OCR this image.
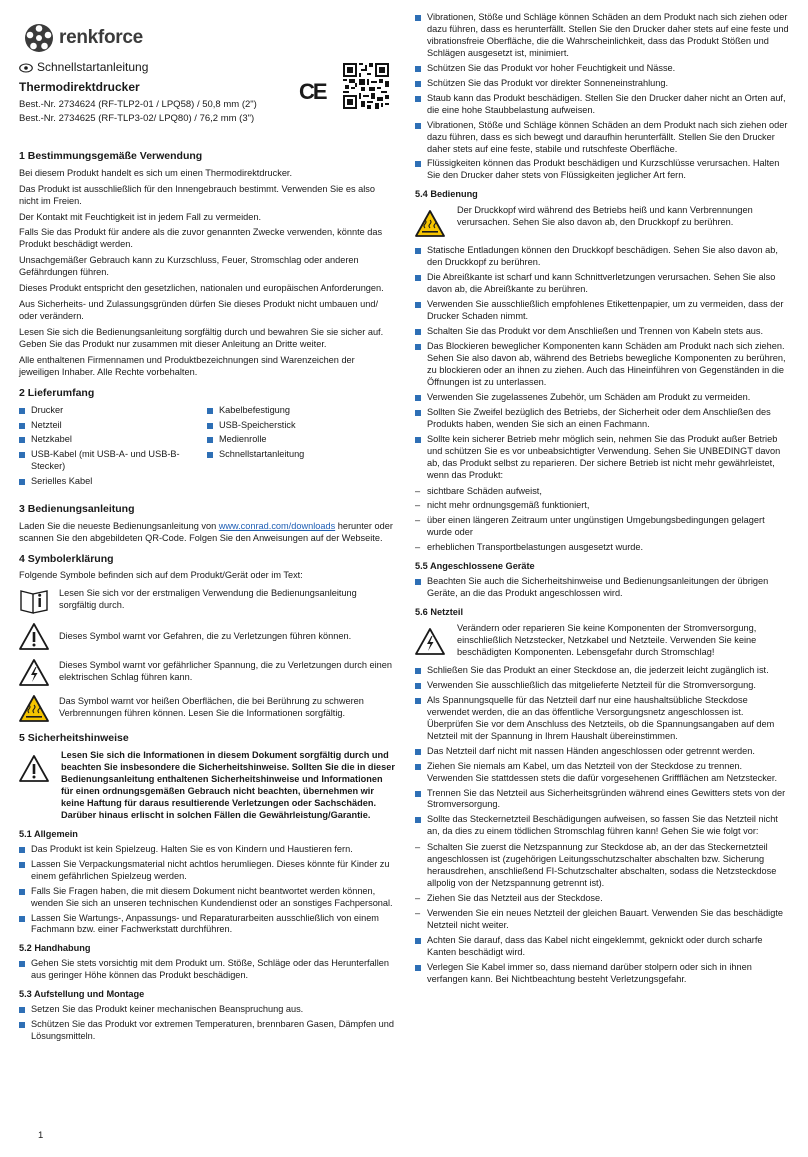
renkforce
Schnellstartanleitung
Thermodirektdrucker
Best.-Nr. 2734624 (RF-TLP2-01 / LPQ58) / 50,8 mm (2")
Best.-Nr. 2734625 (RF-TLP3-02/ LPQ80) / 76,2 mm (3")
CE
1 Bestimmungsgemäße Verwendung

Bei diesem Produkt handelt es sich um einen Thermodirektdrucker.

Das Produkt ist ausschließlich für den Innengebrauch bestimmt. Verwenden Sie es also nicht im Freien.

Der Kontakt mit Feuchtigkeit ist in jedem Fall zu vermeiden.

Falls Sie das Produkt für andere als die zuvor genannten Zwecke verwenden, könnte das Produkt beschädigt werden.

Unsachgemäßer Gebrauch kann zu Kurzschluss, Feuer, Stromschlag oder anderen Gefährdungen führen.

Dieses Produkt entspricht den gesetzlichen, nationalen und europäischen Anforderungen.

Aus Sicherheits- und Zulassungsgründen dürfen Sie dieses Produkt nicht umbauen und/ oder verändern.

Lesen Sie sich die Bedienungsanleitung sorgfältig durch und bewahren Sie sie sicher auf. Geben Sie das Produkt nur zusammen mit dieser Anleitung an Dritte weiter.

Alle enthaltenen Firmennamen und Produktbezeichnungen sind Warenzeichen der jeweiligen Inhaber. Alle Rechte vorbehalten.

2 Lieferumfang
Drucker
Netzteil
Netzkabel
USB-Kabel (mit USB-A- und USB-B-Stecker)
Serielles Kabel
Kabelbefestigung
USB-Speicherstick
Medienrolle
Schnellstartanleitung
3 Bedienungsanleitung

Laden Sie die neueste Bedienungsanleitung von www.conrad.com/downloads herunter oder scannen Sie den abgebildeten QR-Code. Folgen Sie den Anweisungen auf der Webseite.

4 Symbolerklärung

Folgende Symbole befinden sich auf dem Produkt/Gerät oder im Text:

Lesen Sie sich vor der erstmaligen Verwendung die Bedienungsanleitung sorgfältig durch.
Dieses Symbol warnt vor Gefahren, die zu Verletzungen führen können.
Dieses Symbol warnt vor gefährlicher Spannung, die zu Verletzungen durch einen elektrischen Schlag führen kann.
Das Symbol warnt vor heißen Oberflächen, die bei Berührung zu schweren Verbrennungen führen können. Lesen Sie die Informationen sorgfältig.
5 Sicherheitshinweise
Lesen Sie sich die Informationen in diesem Dokument sorgfältig durch und beachten Sie insbesondere die Sicherheitshinweise. Sollten Sie die in dieser Bedienungsanleitung enthaltenen Sicherheitshinweise und Informationen für einen ordnungsgemäßen Gebrauch nicht beachten, übernehmen wir keine Haftung für daraus resultierende Verletzungen oder Sachschäden. Darüber hinaus erlischt in solchen Fällen die Gewährleistung/Garantie.
5.1 Allgemein
Das Produkt ist kein Spielzeug. Halten Sie es von Kindern und Haustieren fern.
Lassen Sie Verpackungsmaterial nicht achtlos herumliegen. Dieses könnte für Kinder zu einem gefährlichen Spielzeug werden.
Falls Sie Fragen haben, die mit diesem Dokument nicht beantwortet werden können, wenden Sie sich an unseren technischen Kundendienst oder an sonstiges Fachpersonal.
Lassen Sie Wartungs-, Anpassungs- und Reparaturarbeiten ausschließlich von einem Fachmann bzw. einer Fachwerkstatt durchführen.
5.2 Handhabung
Gehen Sie stets vorsichtig mit dem Produkt um. Stöße, Schläge oder das Herunterfallen aus geringer Höhe können das Produkt beschädigen.
5.3 Aufstellung und Montage
Setzen Sie das Produkt keiner mechanischen Beanspruchung aus.
Schützen Sie das Produkt vor extremen Temperaturen, brennbaren Gasen, Dämpfen und Lösungsmitteln.
1
Vibrationen, Stöße und Schläge können Schäden an dem Produkt nach sich ziehen oder dazu führen, dass es herunterfällt. Stellen Sie den Drucker daher stets auf eine feste und vibrationsfreie Oberfläche, die die Wahrscheinlichkeit, dass das Produkt Stößen und Schlägen ausgesetzt ist, minimiert.
Schützen Sie das Produkt vor hoher Feuchtigkeit und Nässe.
Schützen Sie das Produkt vor direkter Sonneneinstrahlung.
Staub kann das Produkt beschädigen. Stellen Sie den Drucker daher nicht an Orten auf, die eine hohe Staubbelastung aufweisen.
Vibrationen, Stöße und Schläge können Schäden an dem Produkt nach sich ziehen oder dazu führen, dass es sich bewegt und daraufhin herunterfällt. Stellen Sie den Drucker daher stets auf eine feste, stabile und rutschfeste Oberfläche.
Flüssigkeiten können das Produkt beschädigen und Kurzschlüsse verursachen. Halten Sie den Drucker daher stets von Flüssigkeiten jeglicher Art fern.
5.4 Bedienung
Der Druckkopf wird während des Betriebs heiß und kann Verbrennungen verursachen. Sehen Sie also davon ab, den Druckkopf zu berühren.
Statische Entladungen können den Druckkopf beschädigen. Sehen Sie also davon ab, den Druckkopf zu berühren.
Die Abreißkante ist scharf und kann Schnittverletzungen verursachen. Sehen Sie also davon ab, die Abreißkante zu berühren.
Verwenden Sie ausschließlich empfohlenes Etikettenpapier, um zu vermeiden, dass der Drucker Schaden nimmt.
Schalten Sie das Produkt vor dem Anschließen und Trennen von Kabeln stets aus.
Das Blockieren beweglicher Komponenten kann Schäden am Produkt nach sich ziehen. Sehen Sie also davon ab, während des Betriebs bewegliche Komponenten zu berühren, zu blockieren oder an ihnen zu ziehen. Auch das Hineinführen von Gegenständen in die Öffnungen ist zu unterlassen.
Verwenden Sie zugelassenes Zubehör, um Schäden am Produkt zu vermeiden.
Sollten Sie Zweifel bezüglich des Betriebs, der Sicherheit oder dem Anschließen des Produkts haben, wenden Sie sich an einen Fachmann.
Sollte kein sicherer Betrieb mehr möglich sein, nehmen Sie das Produkt außer Betrieb und schützen Sie es vor unbeabsichtigter Verwendung. Sehen Sie UNBEDINGT davon ab, das Produkt selbst zu reparieren. Der sichere Betrieb ist nicht mehr gewährleistet, wenn das Produkt:
– sichtbare Schäden aufweist,
– nicht mehr ordnungsgemäß funktioniert,
– über einen längeren Zeitraum unter ungünstigen Umgebungsbedingungen gelagert wurde oder
– erheblichen Transportbelastungen ausgesetzt wurde.
5.5 Angeschlossene Geräte
Beachten Sie auch die Sicherheitshinweise und Bedienungsanleitungen der übrigen Geräte, an die das Produkt angeschlossen wird.
5.6 Netzteil
Verändern oder reparieren Sie keine Komponenten der Stromversorgung, einschließlich Netzstecker, Netzkabel und Netzteile. Verwenden Sie keine beschädigten Komponenten. Lebensgefahr durch Stromschlag!
Schließen Sie das Produkt an einer Steckdose an, die jederzeit leicht zugänglich ist.
Verwenden Sie ausschließlich das mitgelieferte Netzteil für die Stromversorgung.
Als Spannungsquelle für das Netzteil darf nur eine haushaltsübliche Steckdose verwendet werden, die an das öffentliche Versorgungsnetz angeschlossen ist. Überprüfen Sie vor dem Anschluss des Netzteils, ob die Spannungsangaben auf dem Netzteil mit der Spannung in Ihrem Haushalt übereinstimmen.
Das Netzteil darf nicht mit nassen Händen angeschlossen oder getrennt werden.
Ziehen Sie niemals am Kabel, um das Netzteil von der Steckdose zu trennen. Verwenden Sie stattdessen stets die dafür vorgesehenen Griffflächen am Netzstecker.
Trennen Sie das Netzteil aus Sicherheitsgründen während eines Gewitters stets von der Stromversorgung.
Sollte das Steckernetzteil Beschädigungen aufweisen, so fassen Sie das Netzteil nicht an, da dies zu einem tödlichen Stromschlag führen kann! Gehen Sie wie folgt vor:
– Schalten Sie zuerst die Netzspannung zur Steckdose ab, an der das Steckernetzteil angeschlossen ist (zugehörigen Leitungsschutzschalter abschalten bzw. Sicherung herausdrehen, anschließend FI-Schutzschalter abschalten, sodass die Netzsteckdose allpolig von der Netzspannung getrennt ist).
– Ziehen Sie das Netzteil aus der Steckdose.
– Verwenden Sie ein neues Netzteil der gleichen Bauart. Verwenden Sie das beschädigte Netzteil nicht weiter.
Achten Sie darauf, dass das Kabel nicht eingeklemmt, geknickt oder durch scharfe Kanten beschädigt wird.
Verlegen Sie Kabel immer so, dass niemand darüber stolpern oder sich in ihnen verfangen kann. Bei Nichtbeachtung besteht Verletzungsgefahr.
